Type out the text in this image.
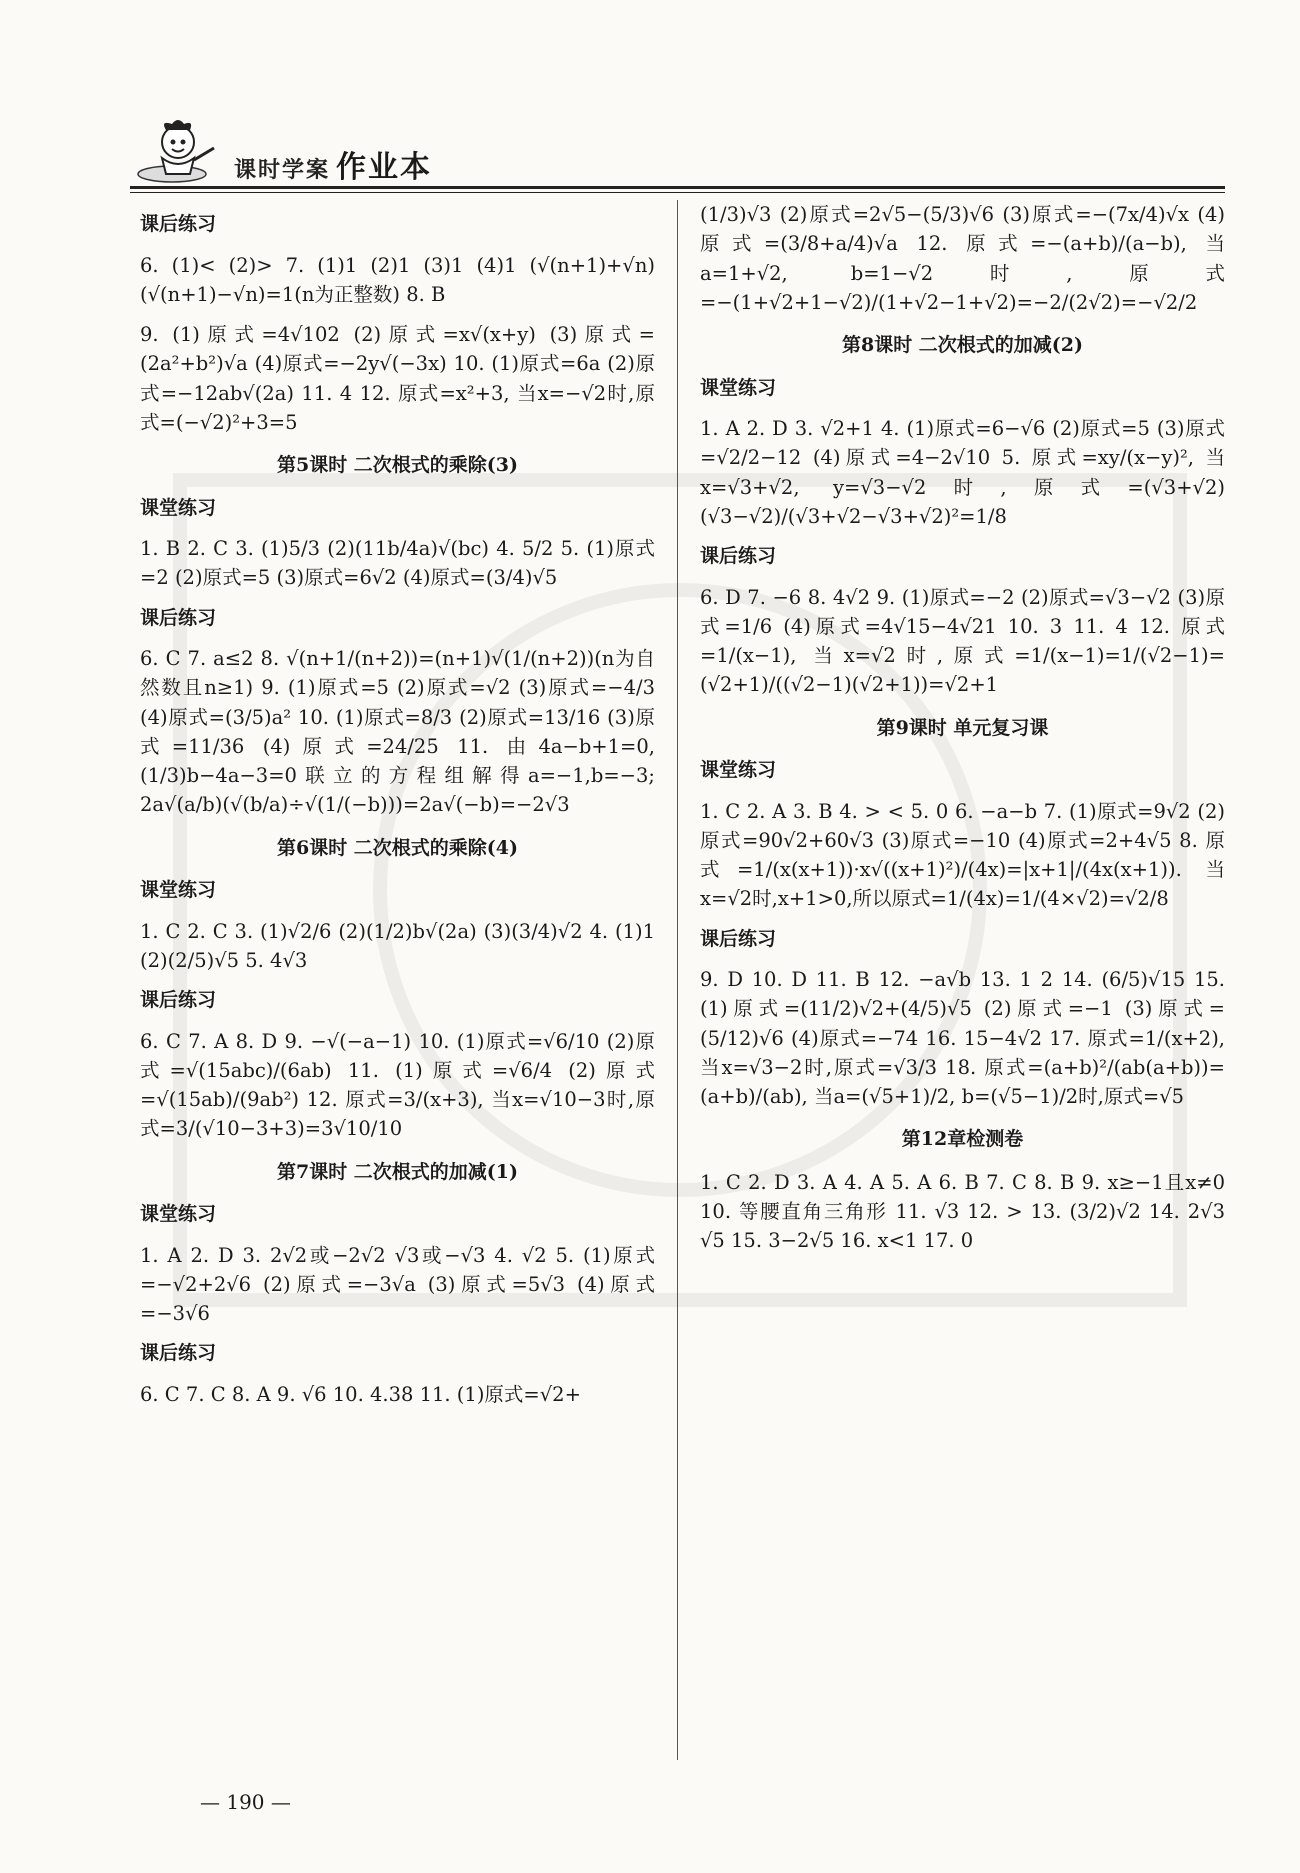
课时学案 作业本
课后练习

6. (1)< (2)> 7. (1)1 (2)1 (3)1 (4)1 (√(n+1)+√n)(√(n+1)−√n)=1(n为正整数) 8. B

9. (1)原式=4√102 (2)原式=x√(x+y) (3)原式=(2a²+b²)√a (4)原式=−2y√(−3x) 10. (1)原式=6a (2)原式=−12ab√(2a) 11. 4 12. 原式=x²+3, 当x=−√2时,原式=(−√2)²+3=5

第5课时 二次根式的乘除(3)
课堂练习

1. B 2. C 3. (1)5/3 (2)(11b/4a)√(bc) 4. 5/2 5. (1)原式=2 (2)原式=5 (3)原式=6√2 (4)原式=(3/4)√5

课后练习

6. C 7. a≤2 8. √(n+1/(n+2))=(n+1)√(1/(n+2))(n为自然数且n≥1) 9. (1)原式=5 (2)原式=√2 (3)原式=−4/3 (4)原式=(3/5)a² 10. (1)原式=8/3 (2)原式=13/16 (3)原式=11/36 (4)原式=24/25 11. 由4a−b+1=0, (1/3)b−4a−3=0联立的方程组解得a=−1,b=−3; 2a√(a/b)(√(b/a)÷√(1/(−b)))=2a√(−b)=−2√3

第6课时 二次根式的乘除(4)
课堂练习

1. C 2. C 3. (1)√2/6 (2)(1/2)b√(2a) (3)(3/4)√2 4. (1)1 (2)(2/5)√5 5. 4√3

课后练习

6. C 7. A 8. D 9. −√(−a−1) 10. (1)原式=√6/10 (2)原式=√(15abc)/(6ab) 11. (1)原式=√6/4 (2)原式=√(15ab)/(9ab²) 12. 原式=3/(x+3), 当x=√10−3时,原式=3/(√10−3+3)=3√10/10

第7课时 二次根式的加减(1)
课堂练习

1. A 2. D 3. 2√2或−2√2 √3或−√3 4. √2 5. (1)原式=−√2+2√6 (2)原式=−3√a (3)原式=5√3 (4)原式=−3√6

课后练习

6. C 7. C 8. A 9. √6 10. 4.38 11. (1)原式=√2+

(1/3)√3 (2)原式=2√5−(5/3)√6 (3)原式=−(7x/4)√x (4)原式=(3/8+a/4)√a 12. 原式=−(a+b)/(a−b), 当a=1+√2, b=1−√2时,原式=−(1+√2+1−√2)/(1+√2−1+√2)=−2/(2√2)=−√2/2

第8课时 二次根式的加减(2)
课堂练习

1. A 2. D 3. √2+1 4. (1)原式=6−√6 (2)原式=5 (3)原式=√2/2−12 (4)原式=4−2√10 5. 原式=xy/(x−y)², 当x=√3+√2, y=√3−√2时,原式=(√3+√2)(√3−√2)/(√3+√2−√3+√2)²=1/8

课后练习

6. D 7. −6 8. 4√2 9. (1)原式=−2 (2)原式=√3−√2 (3)原式=1/6 (4)原式=4√15−4√21 10. 3 11. 4 12. 原式=1/(x−1), 当x=√2时,原式=1/(x−1)=1/(√2−1)=(√2+1)/((√2−1)(√2+1))=√2+1

第9课时 单元复习课
课堂练习

1. C 2. A 3. B 4. > < 5. 0 6. −a−b 7. (1)原式=9√2 (2)原式=90√2+60√3 (3)原式=−10 (4)原式=2+4√5 8. 原式=1/(x(x+1))·x√((x+1)²)/(4x)=|x+1|/(4x(x+1)). 当x=√2时,x+1>0,所以原式=1/(4x)=1/(4×√2)=√2/8

课后练习

9. D 10. D 11. B 12. −a√b 13. 1 2 14. (6/5)√15 15. (1)原式=(11/2)√2+(4/5)√5 (2)原式=−1 (3)原式=(5/12)√6 (4)原式=−74 16. 15−4√2 17. 原式=1/(x+2), 当x=√3−2时,原式=√3/3 18. 原式=(a+b)²/(ab(a+b))=(a+b)/(ab), 当a=(√5+1)/2, b=(√5−1)/2时,原式=√5

第12章检测卷

1. C 2. D 3. A 4. A 5. A 6. B 7. C 8. B 9. x≥−1且x≠0 10. 等腰直角三角形 11. √3 12. > 13. (3/2)√2 14. 2√3 √5 15. 3−2√5 16. x<1 17. 0

— 190 —
